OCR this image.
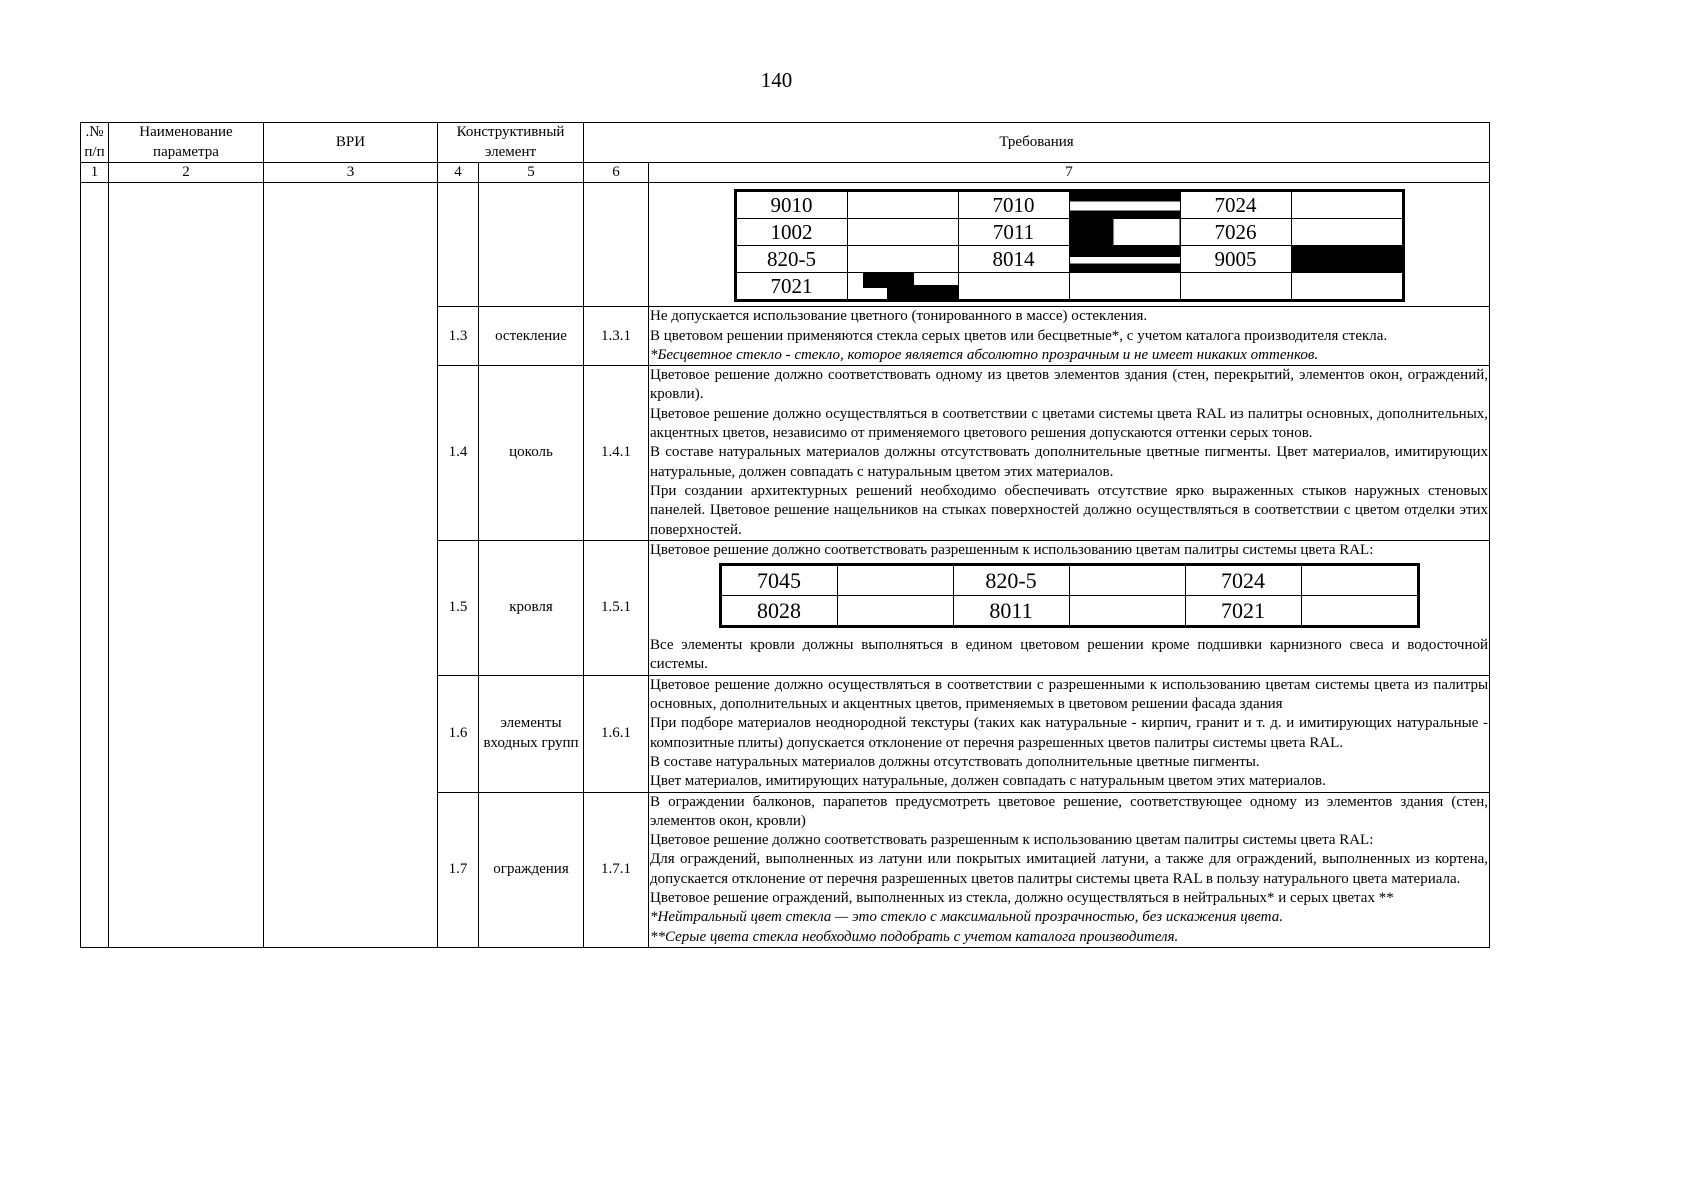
140
.№ п/п	Наименование параметра	ВРИ	Конструктивный элемент	Требования
1	2	3	4	5	6	7

9010		7010		7024	
1002		7011		7026	
820-5		8014		9005	
7021	

1.3	остекление	1.3.1	

Не допускается использование цветного (тонированного в массе) остекления.

В цветовом решении применяются стекла серых цветов или бесцветные*, с учетом каталога производителя стекла.

*Бесцветное стекло - стекло, которое является абсолютно прозрачным и не имеет никаких оттенков.

1.4	цоколь	1.4.1	

Цветовое решение должно соответствовать одному из цветов элементов здания (стен, перекрытий, элементов окон, ограждений, кровли).

Цветовое решение должно осуществляться в соответствии с цветами системы цвета RAL из палитры основных, дополнительных, акцентных цветов, независимо от применяемого цветового решения допускаются оттенки серых тонов.

В составе натуральных материалов должны отсутствовать дополнительные цветные пигменты. Цвет материалов, имитирующих натуральные, должен совпадать с натуральным цветом этих материалов.

При создании архитектурных решений необходимо обеспечивать отсутствие ярко выраженных стыков наружных стеновых панелей. Цветовое решение нащельников на стыках поверхностей должно осуществляться в соответствии с цветом отделки этих поверхностей.

1.5	кровля	1.5.1	

Цветовое решение должно соответствовать разрешенным к использованию цветам палитры системы цвета RAL:

7045		820-5		7024	
8028		8011		7021	

Все элементы кровли должны выполняться в едином цветовом решении кроме подшивки карнизного свеса и водосточной системы.

1.6	элементы входных групп	1.6.1	

Цветовое решение должно осуществляться в соответствии с разрешенными к использованию цветам системы цвета из палитры основных, дополнительных и акцентных цветов, применяемых в цветовом решении фасада здания

При подборе материалов неоднородной текстуры (таких как натуральные - кирпич, гранит и т. д. и имитирующих натуральные - композитные плиты) допускается отклонение от перечня разрешенных цветов палитры системы цвета RAL.

В составе натуральных материалов должны отсутствовать дополнительные цветные пигменты.

Цвет материалов, имитирующих натуральные, должен совпадать с натуральным цветом этих материалов.

1.7	ограждения	1.7.1	

В ограждении балконов, парапетов предусмотреть цветовое решение, соответствующее одному из элементов здания (стен, элементов окон, кровли)

Цветовое решение должно соответствовать разрешенным к использованию цветам палитры системы цвета RAL:

Для ограждений, выполненных из латуни или покрытых имитацией латуни, а также для ограждений, выполненных из кортена, допускается отклонение от перечня разрешенных цветов палитры системы цвета RAL в пользу натурального цвета материала.

Цветовое решение ограждений, выполненных из стекла, должно осуществляться в нейтральных* и серых цветах **

*Нейтральный цвет стекла — это стекло с максимальной прозрачностью, без искажения цвета.

**Серые цвета стекла необходимо подобрать с учетом каталога производителя.
